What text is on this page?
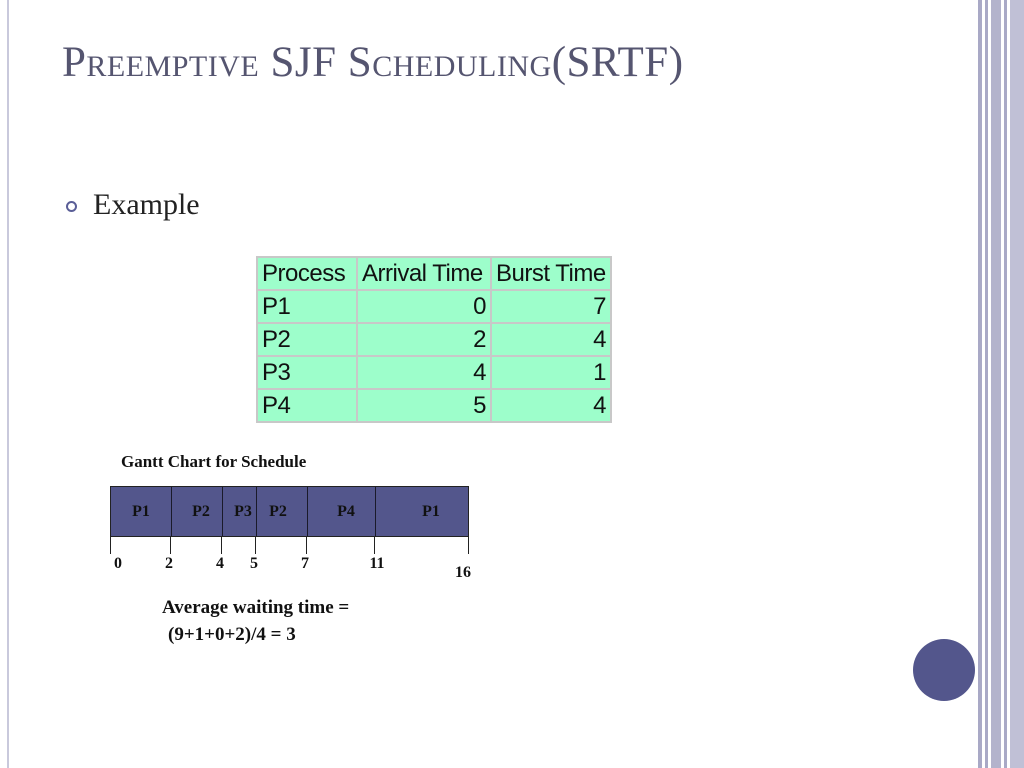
Preemptive SJF Scheduling(SRTF)
Example
Process	Arrival Time	Burst Time

P1	0	7
P2	2	4
P3	4	1
P4	5	4
Gantt Chart for Schedule
P1	P2 P3 P2	P4	P1
0	2	4 5	7	11
16
Average waiting time =
(9+1+0+2)/4 = 3
